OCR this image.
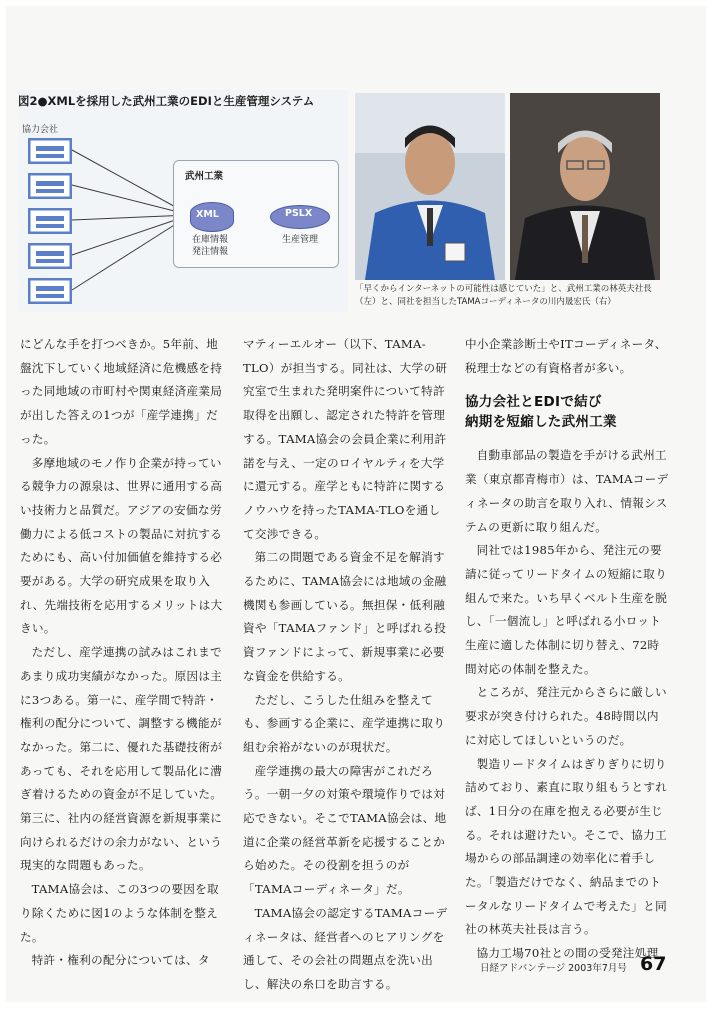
図2●XMLを採用した武州工業のEDIと生産管理システム
協力会社
武州工業
XML
在庫情報
発注情報
PSLX
生産管理
「早くからインターネットの可能性は感じていた」と、武州工業の林英夫社長（左）と、同社を担当したTAMAコーディネータの川内晟宏氏（右）

にどんな手を打つべきか。5年前、地盤沈下していく地域経済に危機感を持った同地域の市町村や関東経済産業局が出した答えの1つが「産学連携」だった。

多摩地域のモノ作り企業が持っている競争力の源泉は、世界に通用する高い技術力と品質だ。アジアの安価な労働力による低コストの製品に対抗するためにも、高い付加価値を維持する必要がある。大学の研究成果を取り入れ、先端技術を応用するメリットは大きい。

ただし、産学連携の試みはこれまであまり成功実績がなかった。原因は主に3つある。第一に、産学間で特許・権利の配分について、調整する機能がなかった。第二に、優れた基礎技術があっても、それを応用して製品化に漕ぎ着けるための資金が不足していた。第三に、社内の経営資源を新規事業に向けられるだけの余力がない、という現実的な問題もあった。

TAMA協会は、この3つの要因を取り除くために図1のような体制を整えた。

特許・権利の配分については、タ

マティーエルオー（以下、TAMA-TLO）が担当する。同社は、大学の研究室で生まれた発明案件について特許取得を出願し、認定された特許を管理する。TAMA協会の会員企業に利用許諾を与え、一定のロイヤルティを大学に還元する。産学ともに特許に関するノウハウを持ったTAMA-TLOを通して交渉できる。

第二の問題である資金不足を解消するために、TAMA協会には地域の金融機関も参画している。無担保・低利融資や「TAMAファンド」と呼ばれる投資ファンドによって、新規事業に必要な資金を供給する。

ただし、こうした仕組みを整えても、参画する企業に、産学連携に取り組む余裕がないのが現状だ。

産学連携の最大の障害がこれだろう。一朝一夕の対策や環境作りでは対応できない。そこでTAMA協会は、地道に企業の経営革新を応援することから始めた。その役割を担うのが「TAMAコーディネータ」だ。

TAMA協会の認定するTAMAコーディネータは、経営者へのヒアリングを通して、その会社の問題点を洗い出し、解決の糸口を助言する。

中小企業診断士やITコーディネータ、税理士などの有資格者が多い。

協力会社とEDIで結び
納期を短縮した武州工業

自動車部品の製造を手がける武州工業（東京都青梅市）は、TAMAコーディネータの助言を取り入れ、情報システムの更新に取り組んだ。

同社では1985年から、発注元の要請に従ってリードタイムの短縮に取り組んで来た。いち早くベルト生産を脱し、「一個流し」と呼ばれる小ロット生産に適した体制に切り替え、72時間対応の体制を整えた。

ところが、発注元からさらに厳しい要求が突き付けられた。48時間以内に対応してほしいというのだ。

製造リードタイムはぎりぎりに切り詰めており、素直に取り組もうとすれば、1日分の在庫を抱える必要が生じる。それは避けたい。そこで、協力工場からの部品調達の効率化に着手した。「製造だけでなく、納品までのトータルなリードタイムで考えた」と同社の林英夫社長は言う。

協力工場70社との間の受発注処理

日経アドバンテージ 2003年7月号 67
